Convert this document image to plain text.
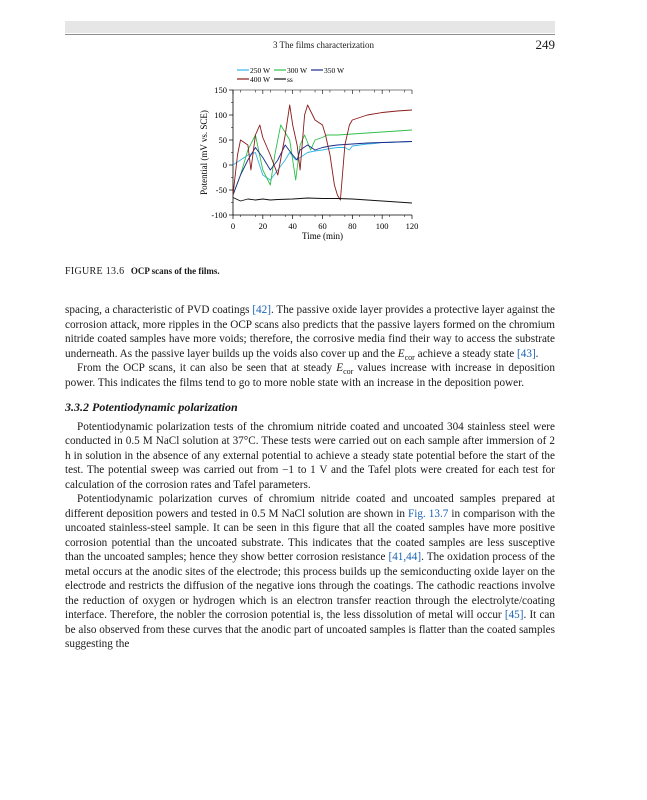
3 The films characterization	249
0	20	40	60	80 100 120
-100
-50
0
50
100
150
Time (min)
Potential (mV vs. SCE)
250 W 300 W 350 W
400 W ss
FIGURE 13.6 OCP scans of the films.

spacing, a characteristic of PVD coatings [42]. The passive oxide layer provides a protective layer against the corrosion attack, more ripples in the OCP scans also predicts that the passive layers formed on the chromium nitride coated samples have more voids; therefore, the corrosive media find their way to access the substrate underneath. As the passive layer builds up the voids also cover up and the $E_{cor}$ achieve a steady state [43].

From the OCP scans, it can also be seen that at steady $E_{cor}$ values increase with increase in deposition power. This indicates the films tend to go to more noble state with an increase in the deposition power.

3.3.2 Potentiodynamic polarization

Potentiodynamic polarization tests of the chromium nitride coated and uncoated 304 stainless steel were conducted in 0.5 M NaCl solution at 37°C. These tests were carried out on each sample after immersion of 2 h in solution in the absence of any external potential to achieve a steady state potential before the start of the test. The potential sweep was carried out from −1 to 1 V and the Tafel plots were created for each test for calculation of the corrosion rates and Tafel parameters.

Potentiodynamic polarization curves of chromium nitride coated and uncoated samples prepared at different deposition powers and tested in 0.5 M NaCl solution are shown in Fig. 13.7 in comparison with the uncoated stainless-steel sample. It can be seen in this figure that all the coated samples have more positive corrosion potential than the uncoated substrate. This indicates that the coated samples are less susceptive than the uncoated samples; hence they show better corrosion resistance [41,44]. The oxidation process of the metal occurs at the anodic sites of the electrode; this process builds up the semiconducting oxide layer on the electrode and restricts the diffusion of the negative ions through the coatings. The cathodic reactions involve the reduction of oxygen or hydrogen which is an electron transfer reaction through the electrolyte/coating interface. Therefore, the nobler the corrosion potential is, the less dissolution of metal will occur [45]. It can be also observed from these curves that the anodic part of uncoated samples is flatter than the coated samples suggesting the
